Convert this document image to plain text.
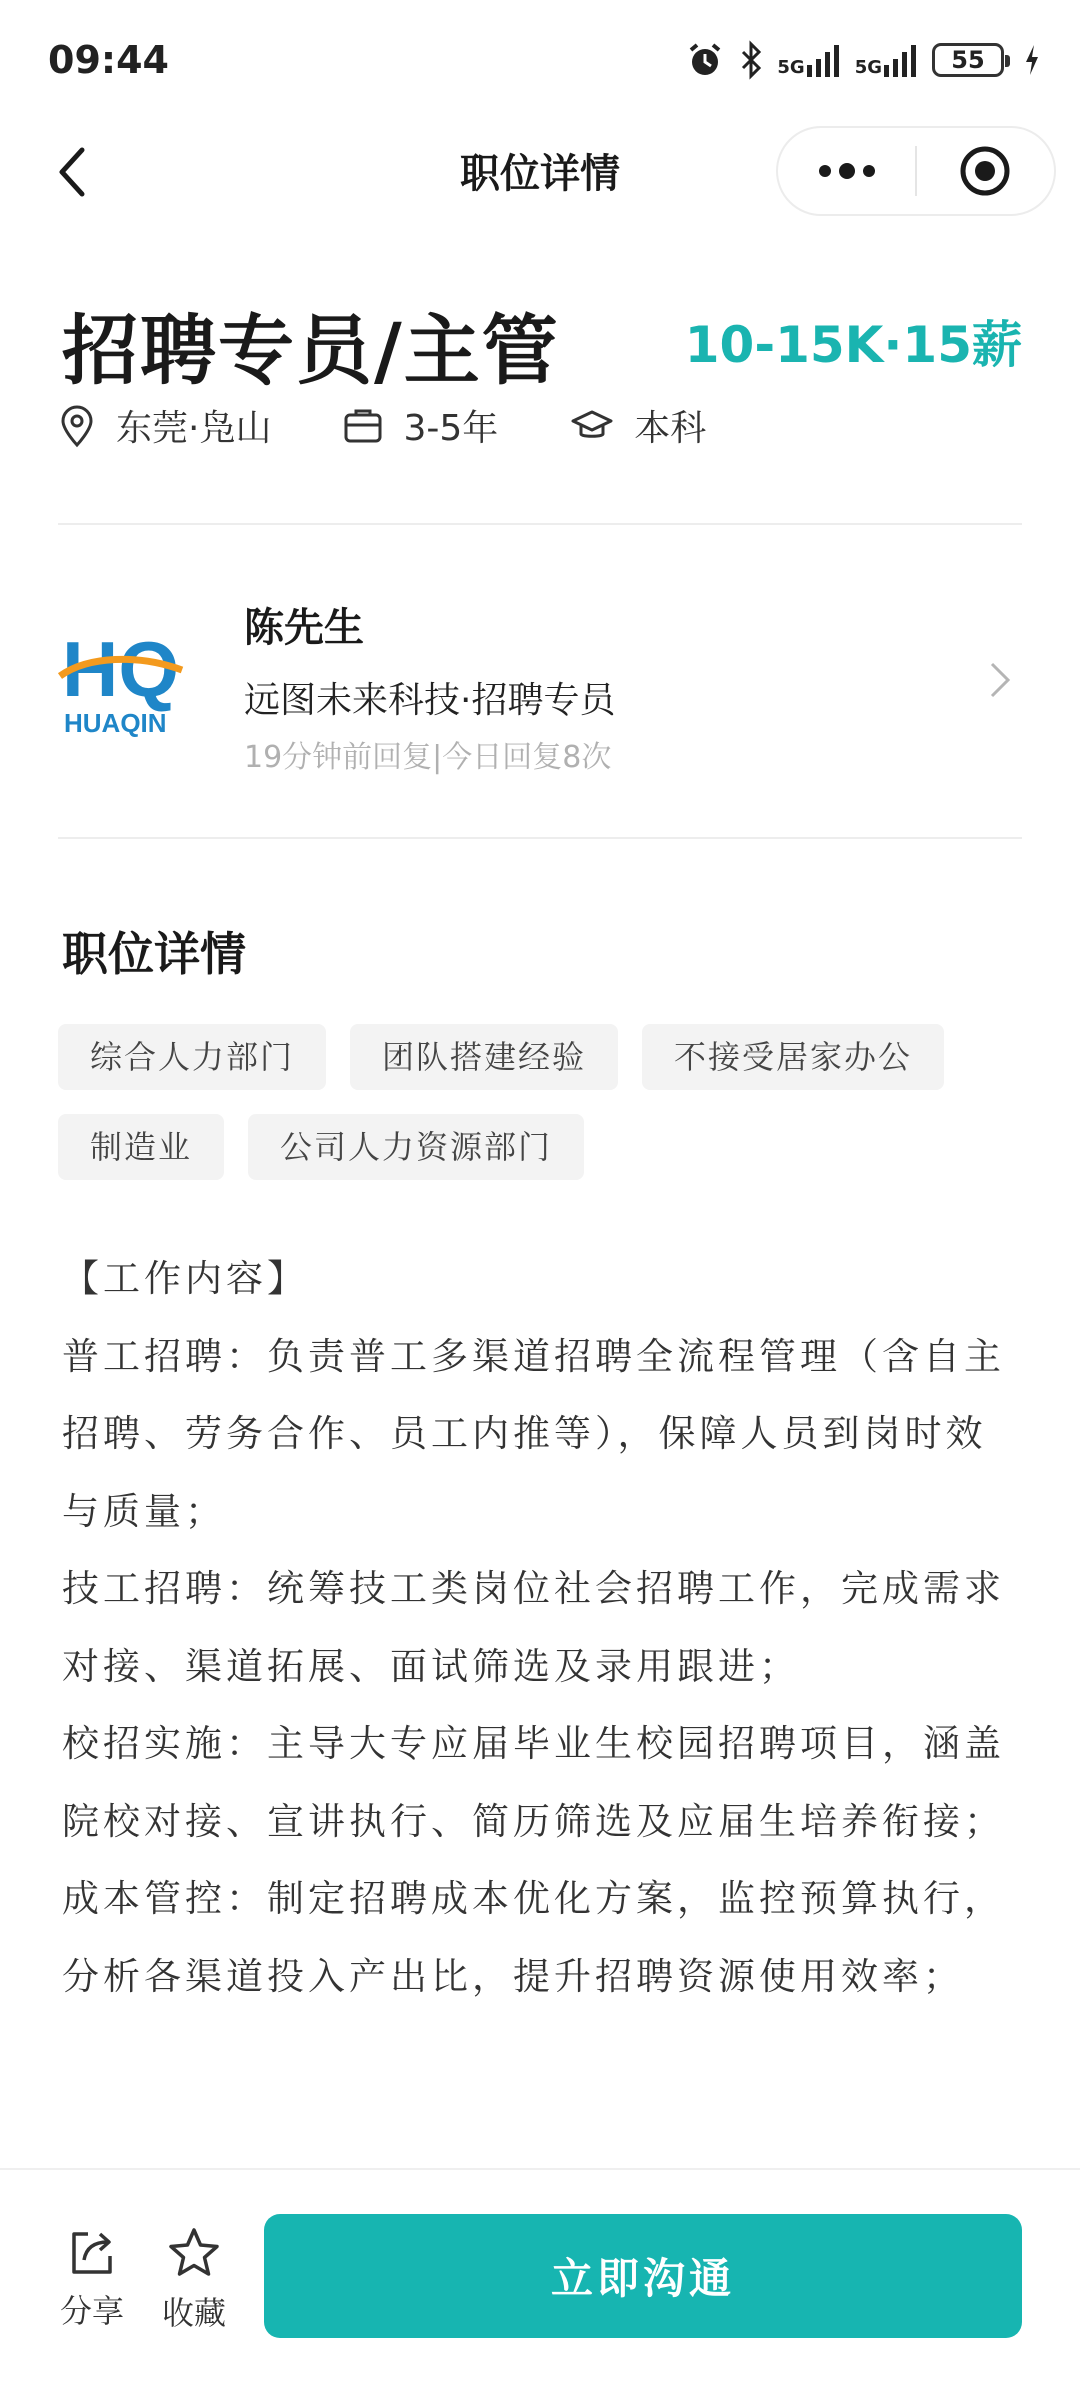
09:44	5G	5G	55
职位详情
招聘专员/主管	10-15K·15薪
东莞·凫山	3-5年	本科
HQ
HUAQIN
陈先生
远图未来科技·招聘专员
19分钟前回复|今日回复8次
职位详情
综合人力部门	团队搭建经验	不接受居家办公
制造业	公司人力资源部门

【工作内容】

普工招聘：负责普工多渠道招聘全流程管理（含自主招聘、劳务合作、员工内推等），保障人员到岗时效与质量；

技工招聘：统筹技工类岗位社会招聘工作，完成需求对接、渠道拓展、面试筛选及录用跟进；

校招实施：主导大专应届毕业生校园招聘项目，涵盖院校对接、宣讲执行、简历筛选及应届生培养衔接；

成本管控：制定招聘成本优化方案，监控预算执行，分析各渠道投入产出比，提升招聘资源使用效率；

分享 收藏
立即沟通
